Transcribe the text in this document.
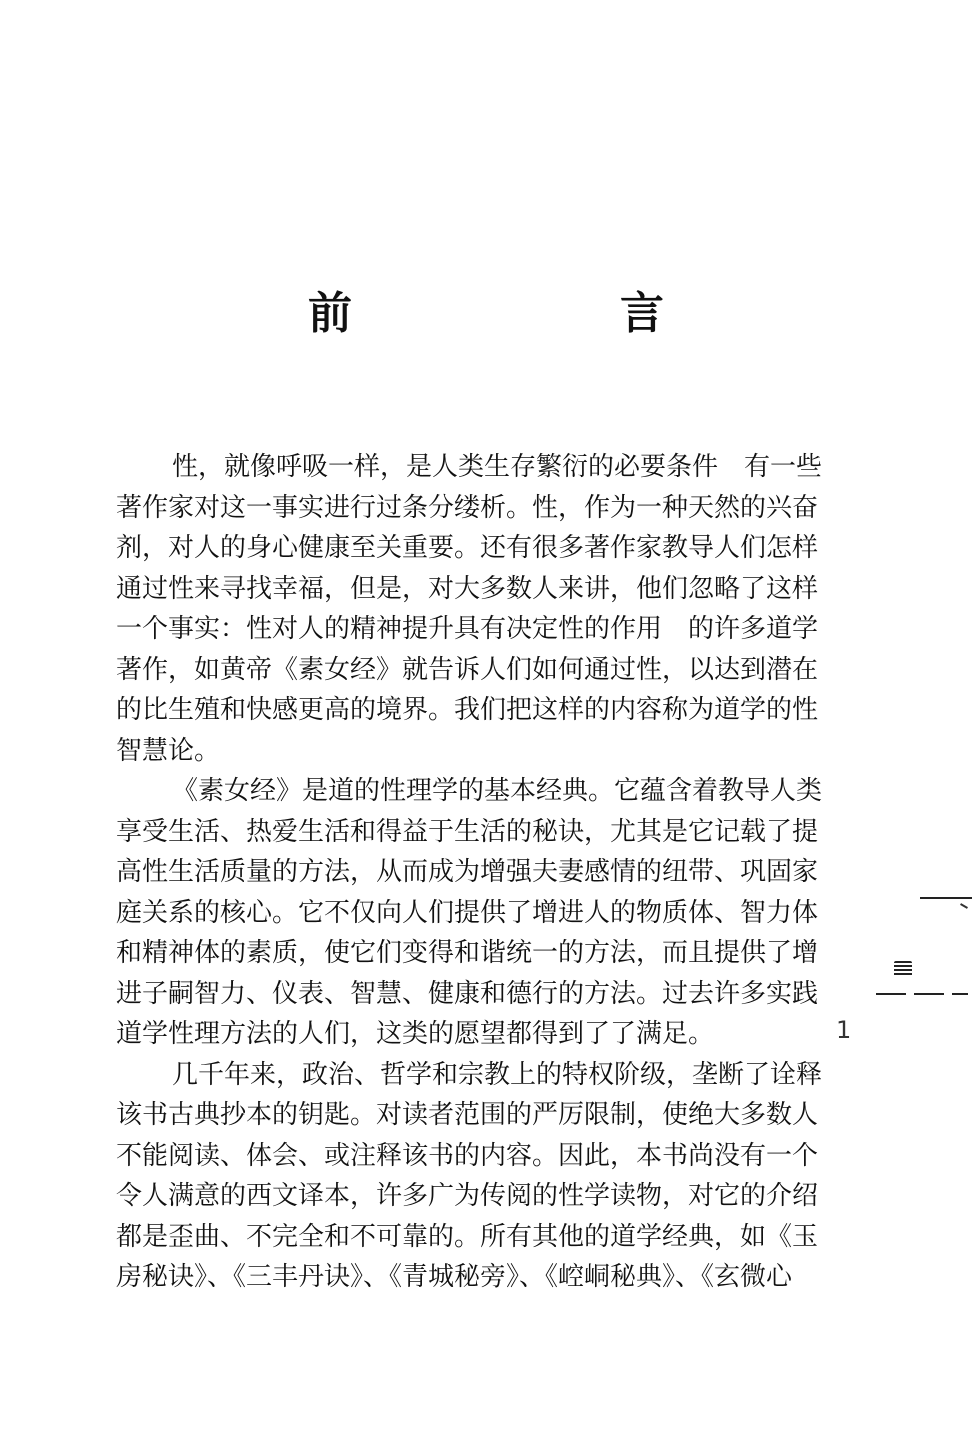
前　言

性，就像呼吸一样，是人类生存繁衍的必要条件　有一些
著作家对这一事实进行过条分缕析。性，作为一种天然的兴奋
剂，对人的身心健康至关重要。还有很多著作家教导人们怎样
通过性来寻找幸福，但是，对大多数人来讲，他们忽略了这样
一个事实：性对人的精神提升具有决定性的作用　的许多道学
著作，如黄帝《素女经》就告诉人们如何通过性，以达到潜在
的比生殖和快感更高的境界。我们把这样的内容称为道学的性
智慧论。

《素女经》是道的性理学的基本经典。它蕴含着教导人类
享受生活、热爱生活和得益于生活的秘诀，尤其是它记载了提
高性生活质量的方法，从而成为增强夫妻感情的纽带、巩固家
庭关系的核心。它不仅向人们提供了增进人的物质体、智力体
和精神体的素质，使它们变得和谐统一的方法，而且提供了增
进子嗣智力、仪表、智慧、健康和德行的方法。过去许多实践
道学性理方法的人们，这类的愿望都得到了了满足。

几千年来，政治、哲学和宗教上的特权阶级，垄断了诠释
该书古典抄本的钥匙。对读者范围的严厉限制，使绝大多数人
不能阅读、体会、或注释该书的内容。因此，本书尚没有一个
令人满意的西文译本，许多广为传阅的性学读物，对它的介绍
都是歪曲、不完全和不可靠的。所有其他的道学经典，如《玉
房秘诀》、《三丰丹诀》、《青城秘旁》、《崆峒秘典》、《玄微心

1
